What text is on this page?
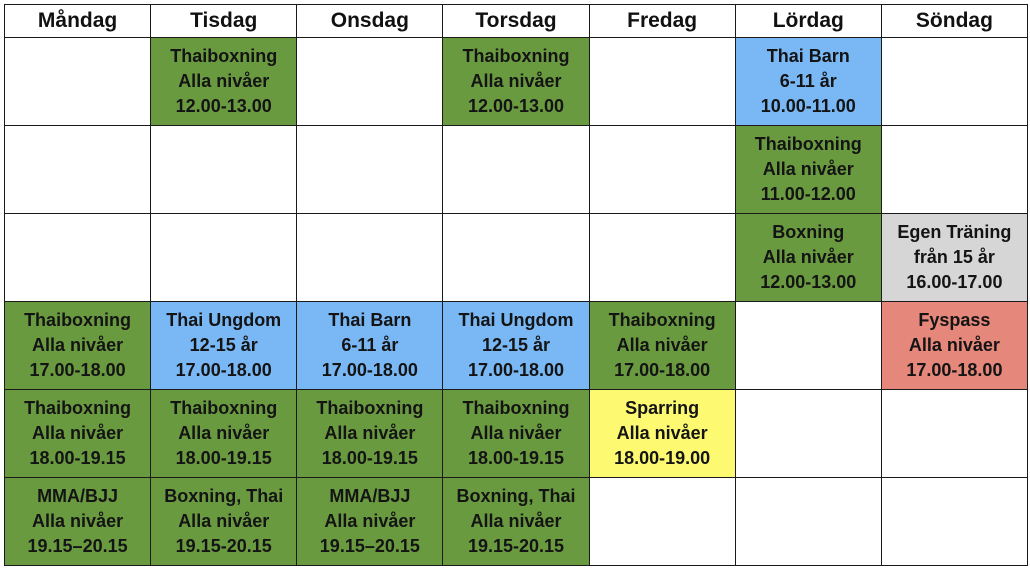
Måndag	Tisdag	Onsdag	Torsdag	Fredag	Lördag	Söndag

	Thaiboxning
Alla nivåer
12.00-13.00		Thaiboxning
Alla nivåer
12.00-13.00		Thai Barn
6-11 år
10.00-11.00	

					Thaiboxning
Alla nivåer
11.00-12.00	

					Boxning
Alla nivåer
12.00-13.00	Egen Träning
från 15 år
16.00-17.00

Thaiboxning
Alla nivåer
17.00-18.00	Thai Ungdom
12-15 år
17.00-18.00	Thai Barn
6-11 år
17.00-18.00	Thai Ungdom
12-15 år
17.00-18.00	Thaiboxning
Alla nivåer
17.00-18.00		Fyspass
Alla nivåer
17.00-18.00

Thaiboxning
Alla nivåer
18.00-19.15	Thaiboxning
Alla nivåer
18.00-19.15	Thaiboxning
Alla nivåer
18.00-19.15	Thaiboxning
Alla nivåer
18.00-19.15	Sparring
Alla nivåer
18.00-19.00		

MMA/BJJ
Alla nivåer
19.15–20.15	Boxning, Thai
Alla nivåer
19.15-20.15	MMA/BJJ
Alla nivåer
19.15–20.15	Boxning, Thai
Alla nivåer
19.15-20.15			
